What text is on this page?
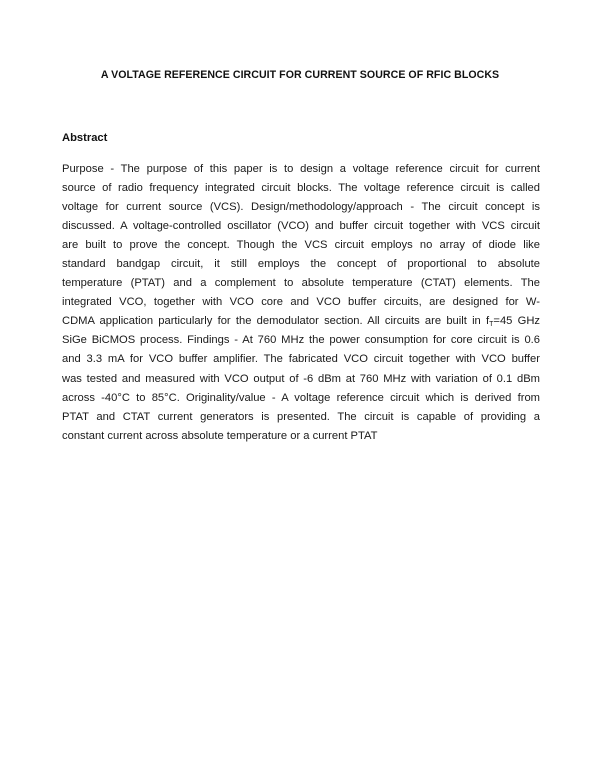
A VOLTAGE REFERENCE CIRCUIT FOR CURRENT SOURCE OF RFIC BLOCKS
Abstract
Purpose - The purpose of this paper is to design a voltage reference circuit for current
source of radio frequency integrated circuit blocks. The voltage reference circuit is called
voltage for current source (VCS). Design/methodology/approach - The circuit concept is
discussed. A voltage-controlled oscillator (VCO) and buffer circuit together with VCS circuit
are built to prove the concept. Though the VCS circuit employs no array of diode like
standard bandgap circuit, it still employs the concept of proportional to absolute
temperature (PTAT) and a complement to absolute temperature (CTAT) elements. The
integrated VCO, together with VCO core and VCO buffer circuits, are designed for W-
CDMA application particularly for the demodulator section. All circuits are built in $f_T=45$ GHz
SiGe BiCMOS process. Findings - At 760 MHz the power consumption for core circuit is 0.6
and 3.3 mA for VCO buffer amplifier. The fabricated VCO circuit together with VCO buffer
was tested and measured with VCO output of -6 dBm at 760 MHz with variation of 0.1 dBm
across -40°C to 85°C. Originality/value - A voltage reference circuit which is derived from
PTAT and CTAT current generators is presented. The circuit is capable of providing a
constant current across absolute temperature or a current PTAT
